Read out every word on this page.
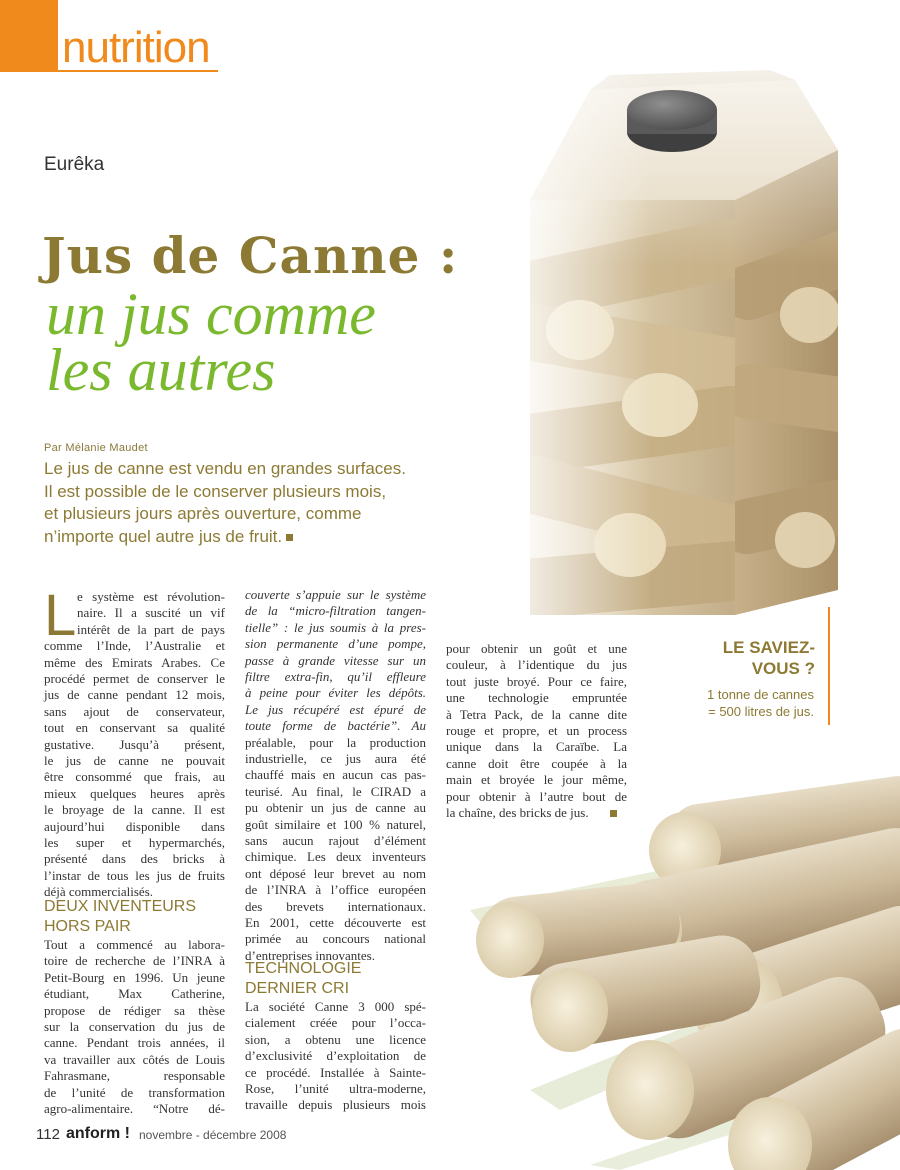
nutrition
Eurêka
Jus de Canne :
un jus comme
les autres
Par Mélanie Maudet
Le jus de canne est vendu en grandes surfaces.
Il est possible de le conserver plusieurs mois,
et plusieurs jours après ouverture, comme
n’importe quel autre jus de fruit.
L e système est révolution-
naire. Il a suscité un vif
intérêt de la part de pays
comme l’Inde, l’Australie et
même des Emirats Arabes. Ce
procédé permet de conserver le
jus de canne pendant 12 mois,
sans ajout de conservateur,
tout en conservant sa qualité
gustative. Jusqu’à présent,
le jus de canne ne pouvait
être consommé que frais, au
mieux quelques heures après
le broyage de la canne. Il est
aujourd’hui disponible dans
les super et hypermarchés,
présenté dans des bricks à
l’instar de tous les jus de fruits
déjà commercialisés.
Tout a commencé au labora-
toire de recherche de l’INRA à
Petit-Bourg en 1996. Un jeune
étudiant, Max Catherine,
propose de rédiger sa thèse
sur la conservation du jus de
canne. Pendant trois années, il
va travailler aux côtés de Louis
Fahrasmane, responsable
de l’unité de transformation
agro-alimentaire. “Notre dé-
couverte s’appuie sur le système
de la “micro-filtration tangen-
tielle” : le jus soumis à la pres-
sion permanente d’une pompe,
passe à grande vitesse sur un
filtre extra-fin, qu’il effleure
à peine pour éviter les dépôts.
Le jus récupéré est épuré de
toute forme de bactérie”. Au
préalable, pour la production
industrielle, ce jus aura été
chauffé mais en aucun cas pas-
teurisé. Au final, le CIRAD a
pu obtenir un jus de canne au
goût similaire et 100 % naturel,
sans aucun rajout d’élément
chimique. Les deux inventeurs
ont déposé leur brevet au nom
de l’INRA à l’office européen
des brevets internationaux.
En 2001, cette découverte est
primée au concours national
d’entreprises innovantes.
La société Canne 3 000 spé-
cialement créée pour l’occa-
sion, a obtenu une licence
d’exclusivité d’exploitation de
ce procédé. Installée à Sainte-
Rose, l’unité ultra-moderne,
travaille depuis plusieurs mois
pour obtenir un goût et une
couleur, à l’identique du jus
tout juste broyé. Pour ce faire,
une technologie empruntée
à Tetra Pack, de la canne dite
rouge et propre, et un process
unique dans la Caraïbe. La
canne doit être coupée à la
main et broyée le jour même,
pour obtenir à l’autre bout de
la chaîne, des bricks de jus.
DEUX INVENTEURS
HORS PAIR
TECHNOLOGIE
DERNIER CRI
LE SAVIEZ-
VOUS ?
1 tonne de cannes
= 500 litres de jus.
112 anform ! novembre - décembre 2008
